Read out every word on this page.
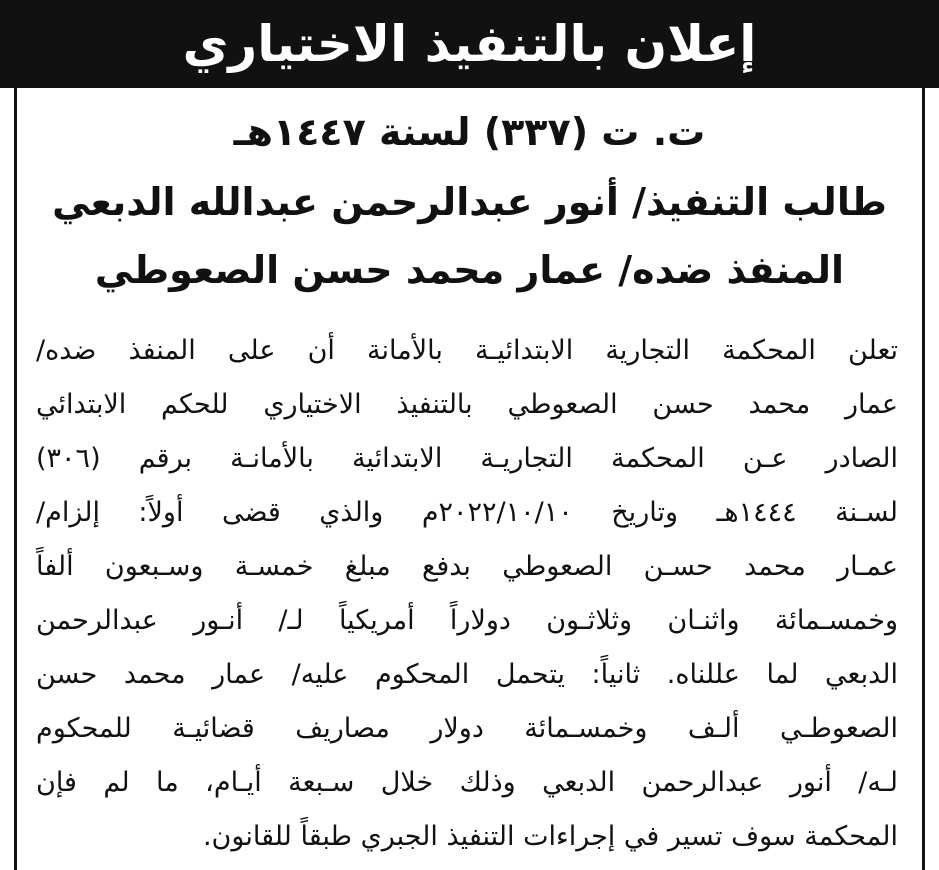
إعلان بالتنفيذ الاختياري
ت. ت (٣٣٧) لسنة ١٤٤٧هـ
طالب التنفيذ/ أنور عبدالرحمن عبدالله الدبعي
المنفذ ضده/ عمار محمد حسن الصعوطي
تعلن المحكمة التجارية الابتدائيـة بالأمانة أن على المنفذ ضده/
عمار محمد حسن الصعوطي بالتنفيذ الاختياري للحكم الابتدائي
الصادر عـن المحكمة التجاريـة الابتدائية بالأمانـة برقم (٣٠٦)
لسـنة ١٤٤٤هـ وتاريخ ٢٠٢٢/١٠/١٠م والذي قضى أولاً: إلزام/
عمـار محمد حسـن الصعوطي بدفع مبلغ خمسـة وسـبعون ألفاً
وخمسـمائة واثنـان وثلاثـون دولاراً أمريكياً لـ/ أنـور عبدالرحمن
الدبعي لما عللناه. ثانياً: يتحمل المحكوم عليه/ عمار محمد حسن
الصعوطـي ألـف وخمسـمائة دولار مصاريف قضائيـة للمحكوم
لـه/ أنور عبدالرحمن الدبعي وذلك خلال سـبعة أيـام، ما لم فإن
المحكمة سوف تسير في إجراءات التنفيذ الجبري طبقاً للقانون.
